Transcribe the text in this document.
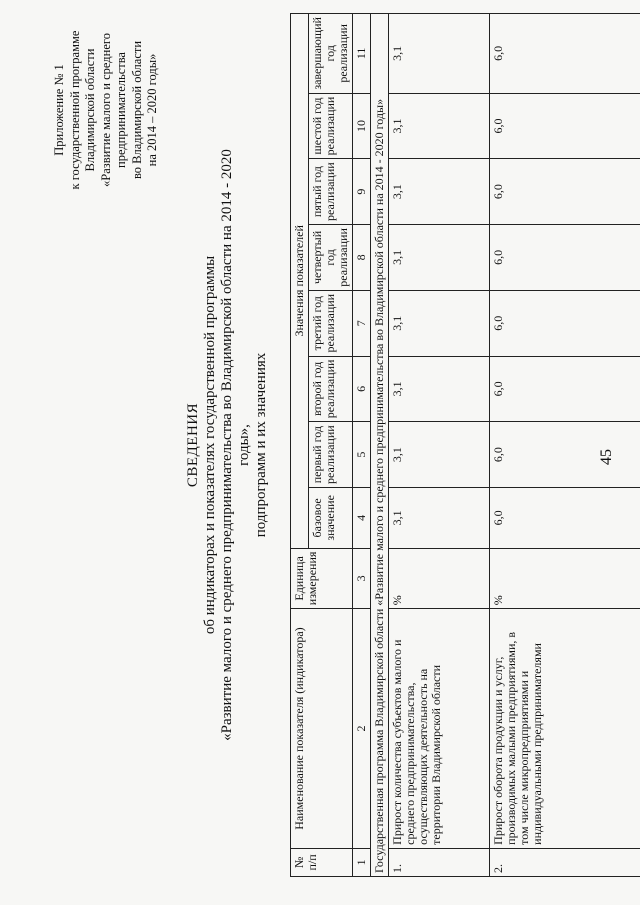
45
Приложение № 1 к государственной программе Владимирской области «Развитие малого и среднего предпринимательства во Владимирской области на 2014 – 2020 годы»
СВЕДЕНИЯ об индикаторах и показателях государственной программы «Развитие малого и среднего предпринимательства во Владимирской области на 2014 - 2020 годы», подпрограмм и их значениях
№ п/п	Наименование показателя (индикатора)	Единица измерения	Значения показателей							
			базовое значение	первый год реализации	второй год реализации	третий год реализации	четвертый год реализации	пятый год реализации	шестой год реализации	завершающий год реализации
1	2	3	4	5	6	7	8	9	10	11
Государственная программа Владимирской области «Развитие малого и среднего предпринимательства во Владимирской области на 2014 - 2020 годы»										
1.	Прирост количества субъектов малого и среднего предпринимательства, осуществляющих деятельность на территории Владимирской области	%	3,1	3,1	3,1	3,1	3,1	3,1	3,1	3,1
2.	Прирост оборота продукции и услуг, производимых малыми предприятиями, в том числе микропредприятиями и индивидуальными предпринимателями	%	6,0	6,0	6,0	6,0	6,0	6,0	6,0	6,0
